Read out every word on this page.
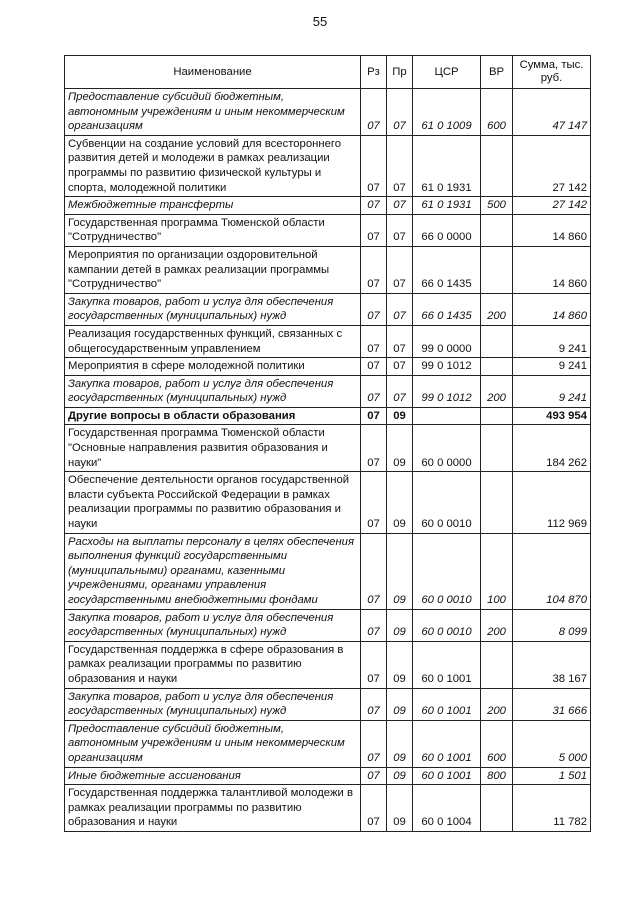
55
Наименование	Рз	Пр	ЦСР	ВР	Сумма, тыс. руб.
Предоставление субсидий бюджетным, автономным учреждениям и иным некоммерческим организациям	07	07	61 0 1009	600	47 147
Субвенции на создание условий для всестороннего развития детей и молодежи в рамках реализации программы по развитию физической культуры и спорта, молодежной политики	07	07	61 0 1931		27 142
Межбюджетные трансферты	07	07	61 0 1931	500	27 142
Государственная программа Тюменской области "Сотрудничество"	07	07	66 0 0000		14 860
Мероприятия по организации оздоровительной кампании детей в рамках реализации программы "Сотрудничество"	07	07	66 0 1435		14 860
Закупка товаров, работ и услуг для обеспечения государственных (муниципальных) нужд	07	07	66 0 1435	200	14 860
Реализация государственных функций, связанных с общегосударственным управлением	07	07	99 0 0000		9 241
Мероприятия в сфере молодежной политики	07	07	99 0 1012		9 241
Закупка товаров, работ и услуг для обеспечения государственных (муниципальных) нужд	07	07	99 0 1012	200	9 241
Другие вопросы в области образования	07	09			493 954
Государственная программа Тюменской области "Основные направления развития образования и науки"	07	09	60 0 0000		184 262
Обеспечение деятельности органов государственной власти субъекта Российской Федерации в рамках реализации программы по развитию образования и науки	07	09	60 0 0010		112 969
Расходы на выплаты персоналу в целях обеспечения выполнения функций государственными (муниципальными) органами, казенными учреждениями, органами управления государственными внебюджетными фондами	07	09	60 0 0010	100	104 870
Закупка товаров, работ и услуг для обеспечения государственных (муниципальных) нужд	07	09	60 0 0010	200	8 099
Государственная поддержка в сфере образования в рамках реализации программы по развитию образования и науки	07	09	60 0 1001		38 167
Закупка товаров, работ и услуг для обеспечения государственных (муниципальных) нужд	07	09	60 0 1001	200	31 666
Предоставление субсидий бюджетным, автономным учреждениям и иным некоммерческим организациям	07	09	60 0 1001	600	5 000
Иные бюджетные ассигнования	07	09	60 0 1001	800	1 501
Государственная поддержка талантливой молодежи в рамках реализации программы по развитию образования и науки	07	09	60 0 1004		11 782
